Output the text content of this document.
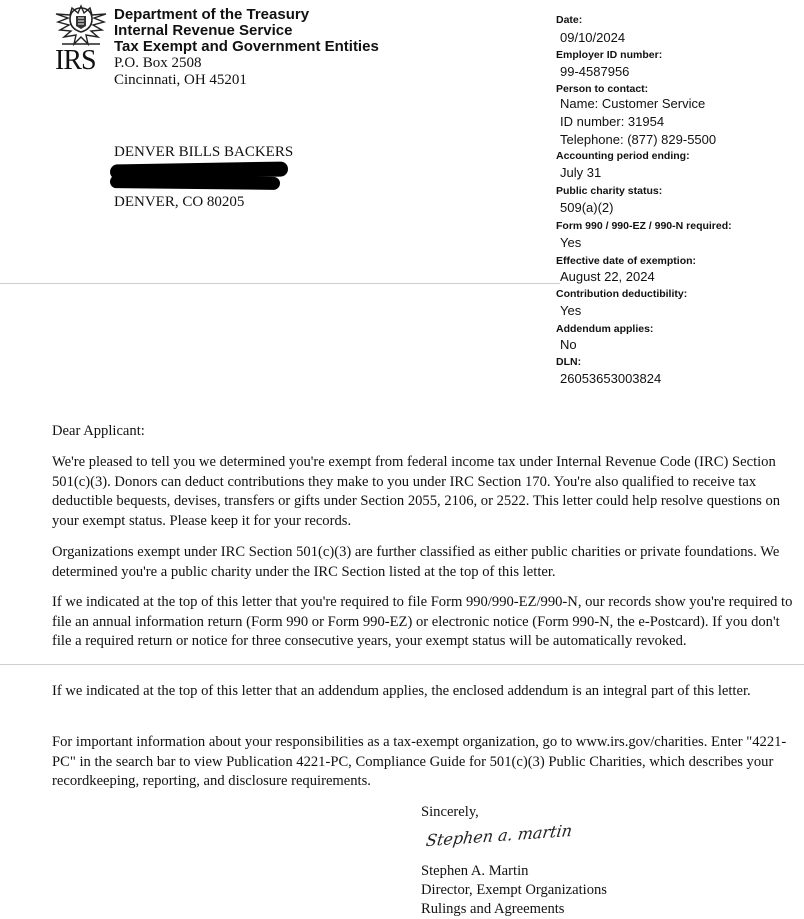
IRS
Department of the Treasury
Internal Revenue Service
Tax Exempt and Government Entities
P.O. Box 2508
Cincinnati, OH 45201
Date:
09/10/2024
Employer ID number:
99-4587956
Person to contact:
Name: Customer Service
ID number: 31954
Telephone: (877) 829-5500
Accounting period ending:
July 31
Public charity status:
509(a)(2)
Form 990 / 990-EZ / 990-N required:
Yes
Effective date of exemption:
August 22, 2024
Contribution deductibility:
Yes
Addendum applies:
No
DLN:
26053653003824
DENVER BILLS BACKERS
DENVER, CO 80205
Dear Applicant:

We're pleased to tell you we determined you're exempt from federal income tax under Internal Revenue Code (IRC) Section 501(c)(3). Donors can deduct contributions they make to you under IRC Section 170. You're also qualified to receive tax deductible bequests, devises, transfers or gifts under Section 2055, 2106, or 2522. This letter could help resolve questions on your exempt status. Please keep it for your records.

Organizations exempt under IRC Section 501(c)(3) are further classified as either public charities or private foundations. We determined you're a public charity under the IRC Section listed at the top of this letter.

If we indicated at the top of this letter that you're required to file Form 990/990-EZ/990-N, our records show you're required to file an annual information return (Form 990 or Form 990-EZ) or electronic notice (Form 990-N, the e-Postcard). If you don't file a required return or notice for three consecutive years, your exempt status will be automatically revoked.

If we indicated at the top of this letter that an addendum applies, the enclosed addendum is an integral part of this letter.

For important information about your responsibilities as a tax-exempt organization, go to www.irs.gov/charities. Enter "4221-PC" in the search bar to view Publication 4221-PC, Compliance Guide for 501(c)(3) Public Charities, which describes your recordkeeping, reporting, and disclosure requirements.

Sincerely,
Stephen a. martin
Stephen A. Martin
Director, Exempt Organizations
Rulings and Agreements
